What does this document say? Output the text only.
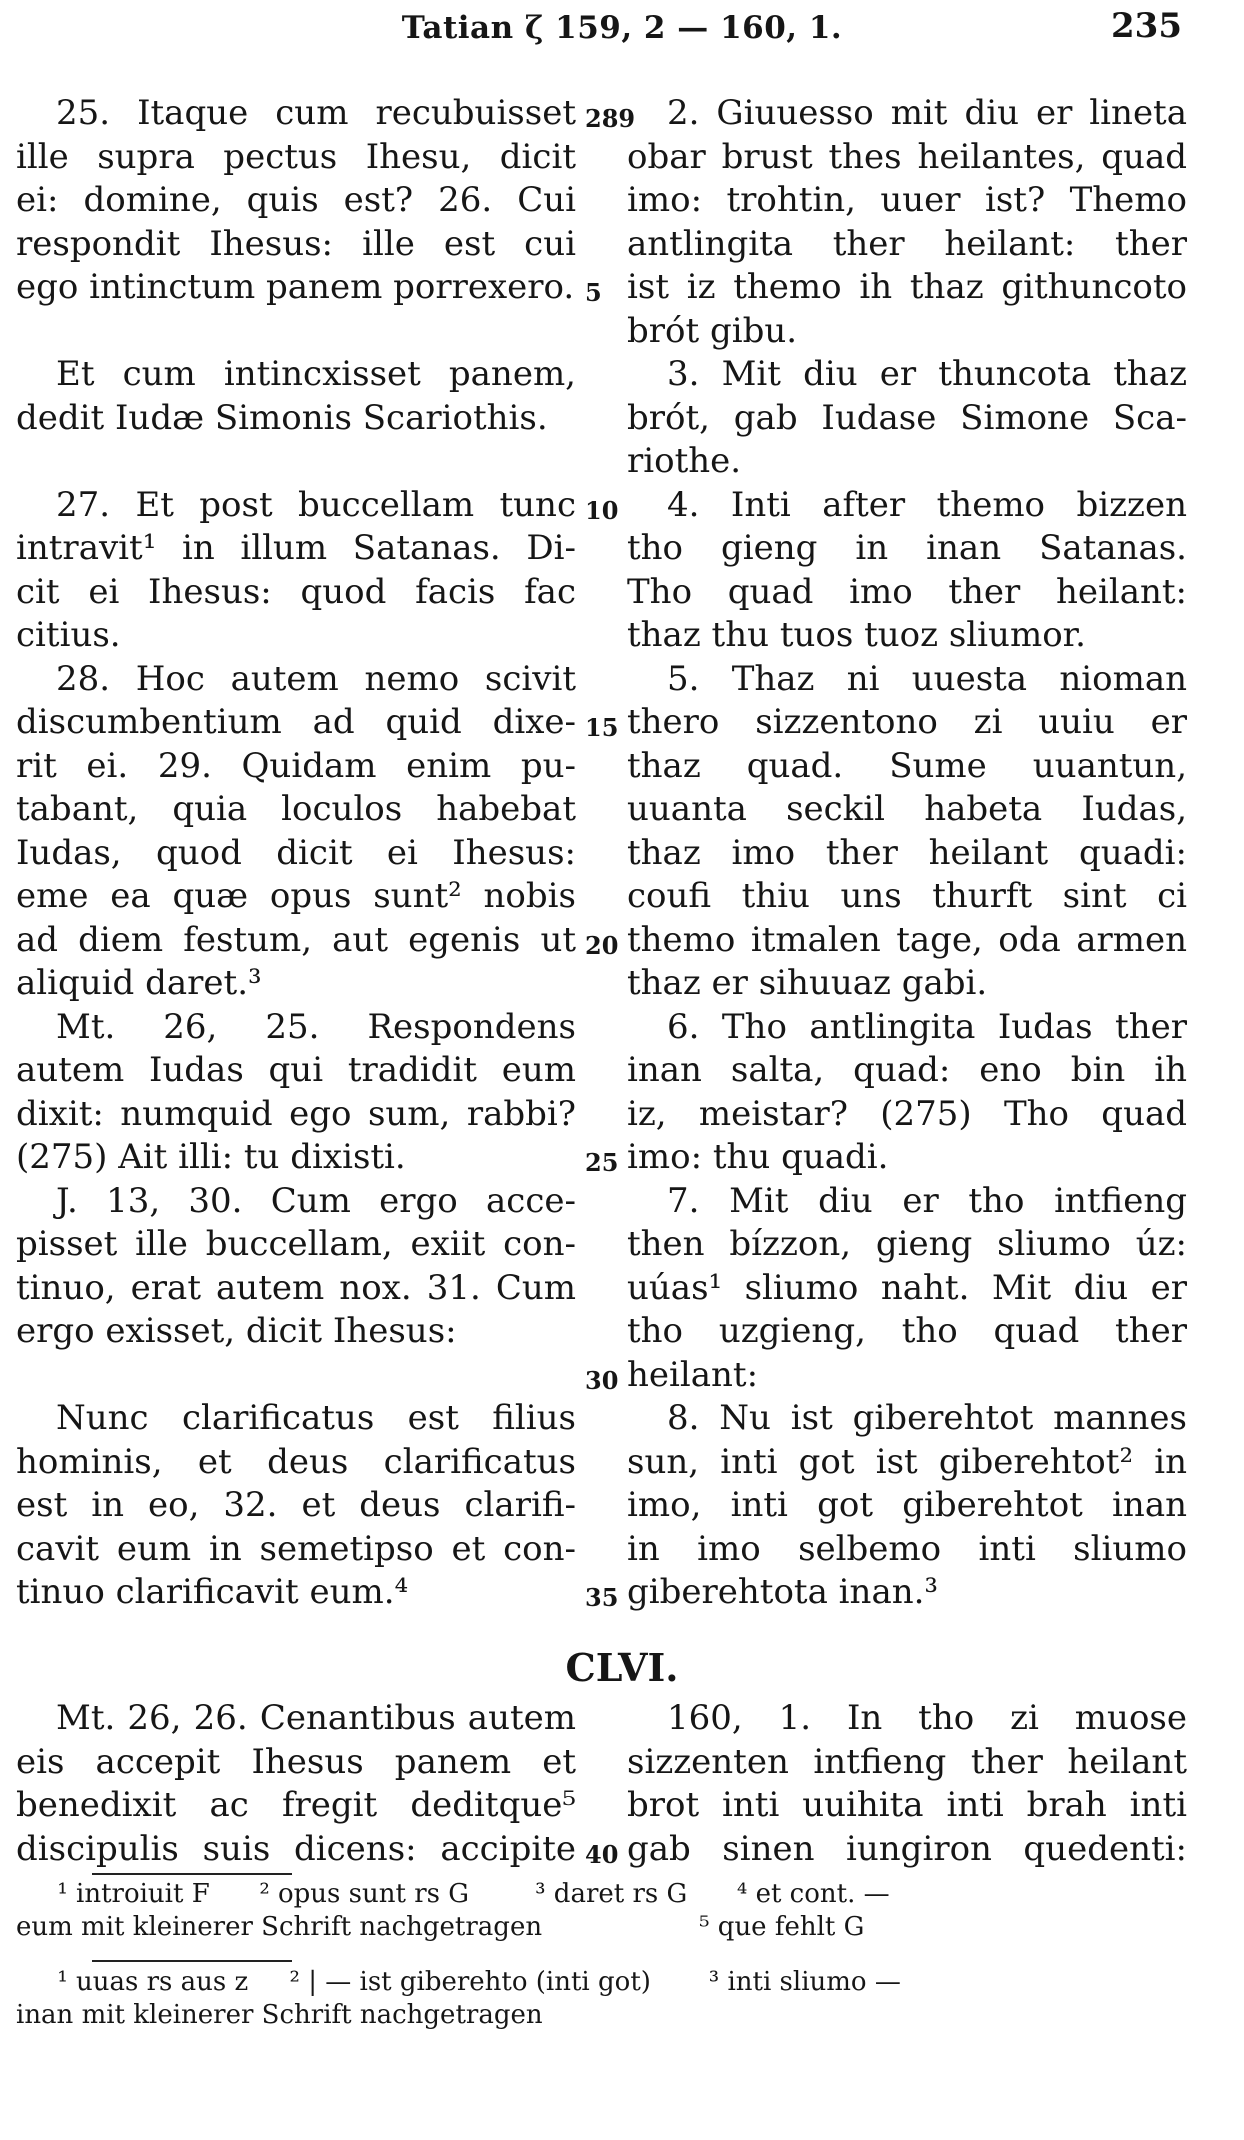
Tatian ζ 159, 2 — 160, 1.	235
25. Itaque cum recubuisset
ille supra pectus Ihesu, dicit
ei: domine, quis est? 26. Cui
respondit Ihesus: ille est cui
ego intinctum panem porrexero.
Et cum intincxisset panem,
dedit Iudæ Simonis Scariothis.
27. Et post buccellam tunc
intravit¹ in illum Satanas. Di-
cit ei Ihesus: quod facis fac
citius.
28. Hoc autem nemo scivit
discumbentium ad quid dixe-
rit ei. 29. Quidam enim pu-
tabant, quia loculos habebat
Iudas, quod dicit ei Ihesus:
eme ea quæ opus sunt² nobis
ad diem festum, aut egenis ut
aliquid daret.³
Mt. 26, 25. Respondens
autem Iudas qui tradidit eum
dixit: numquid ego sum, rabbi?
(275) Ait illi: tu dixisti.
J. 13, 30. Cum ergo acce-
pisset ille buccellam, exiit con-
tinuo, erat autem nox. 31. Cum
ergo exisset, dicit Ihesus:
Nunc clarificatus est filius
hominis, et deus clarificatus
est in eo, 32. et deus clarifi-
cavit eum in semetipso et con-
tinuo clarificavit eum.⁴
2. Giuuesso mit diu er lineta
obar brust thes heilantes, quad
imo: trohtin, uuer ist? Themo
antlingita ther heilant: ther
ist iz themo ih thaz githuncoto
brót gibu.
3. Mit diu er thuncota thaz
brót, gab Iudase Simone Sca-
riothe.
4. Inti after themo bizzen
tho gieng in inan Satanas.
Tho quad imo ther heilant:
thaz thu tuos tuoz sliumor.
5. Thaz ni uuesta nioman
thero sizzentono zi uuiu er
thaz quad. Sume uuantun,
uuanta seckil habeta Iudas,
thaz imo ther heilant quadi:
coufi thiu uns thurft sint ci
themo itmalen tage, oda armen
thaz er sihuuaz gabi.
6. Tho antlingita Iudas ther
inan salta, quad: eno bin ih
iz, meistar? (275) Tho quad
imo: thu quadi.
7. Mit diu er tho intfieng
then bízzon, gieng sliumo úz:
uúas¹ sliumo naht. Mit diu er
tho uzgieng, tho quad ther
heilant:
8. Nu ist giberehtot mannes
sun, inti got ist giberehtot² in
imo, inti got giberehtot inan
in imo selbemo inti sliumo
giberehtota inan.³
289
5
10
15
20
25
30
35
40
CLVI.
Mt. 26, 26. Cenantibus autem
eis accepit Ihesus panem et
benedixit ac fregit deditque⁵
discipulis suis dicens: accipite
160, 1. In tho zi muose
sizzenten intfieng ther heilant
brot inti uuihita inti brah inti
gab sinen iungiron quedenti:
¹ introiuit F      ² opus sunt rs G        ³ daret rs G      ⁴ et cont. —
eum mit kleinerer Schrift nachgetragen                   ⁵ que fehlt G
¹ uuas rs aus z     ² | — ist giberehto (inti got)       ³ inti sliumo —
inan mit kleinerer Schrift nachgetragen
